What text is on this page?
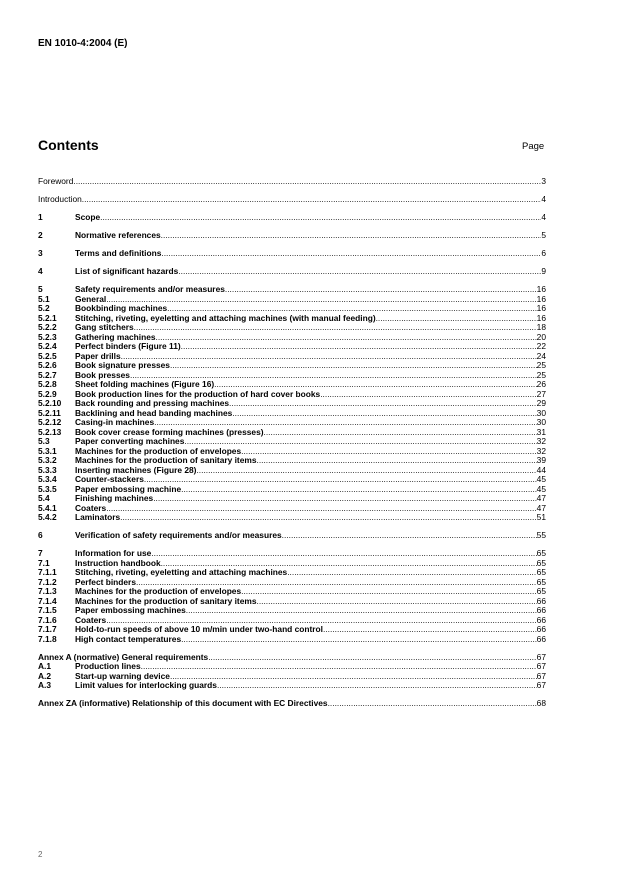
EN 1010-4:2004 (E)
Contents	Page
Foreword .....	3
Introduction .....	4
1	Scope .....	4
2	Normative references .....	5
3	Terms and definitions .....	6
4	List of significant hazards .....	9
5	Safety requirements and/or measures .....	16
5.1	General .....	16
5.2	Bookbinding machines .....	16
5.2.1	Stitching, riveting, eyeletting and attaching machines (with manual feeding) .....	16
5.2.2	Gang stitchers .....	18
5.2.3	Gathering machines .....	20
5.2.4	Perfect binders (Figure 11) .....	22
5.2.5	Paper drills .....	24
5.2.6	Book signature presses .....	25
5.2.7	Book presses .....	25
5.2.8	Sheet folding machines (Figure 16) .....	26
5.2.9	Book production lines for the production of hard cover books .....	27
5.2.10	Back rounding and pressing machines .....	29
5.2.11	Backlining and head banding machines .....	30
5.2.12	Casing-in machines .....	30
5.2.13	Book cover crease forming machines (presses) .....	31
5.3	Paper converting machines .....	32
5.3.1	Machines for the production of envelopes .....	32
5.3.2	Machines for the production of sanitary items .....	39
5.3.3	Inserting machines (Figure 28) .....	44
5.3.4	Counter-stackers .....	45
5.3.5	Paper embossing machine .....	45
5.4	Finishing machines .....	47
5.4.1	Coaters .....	47
5.4.2	Laminators .....	51
6	Verification of safety requirements and/or measures .....	55
7	Information for use .....	65
7.1	Instruction handbook .....	65
7.1.1	Stitching, riveting, eyeletting and attaching machines .....	65
7.1.2	Perfect binders .....	65
7.1.3	Machines for the production of envelopes .....	65
7.1.4	Machines for the production of sanitary items .....	66
7.1.5	Paper embossing machines .....	66
7.1.6	Coaters .....	66
7.1.7	Hold-to-run speeds of above 10 m/min under two-hand control .....	66
7.1.8	High contact temperatures .....	66
Annex A (normative) General requirements .....	67
A.1	Production lines .....	67
A.2	Start-up warning device .....	67
A.3	Limit values for interlocking guards .....	67
Annex ZA (informative) Relationship of this document with EC Directives .....	68
2
